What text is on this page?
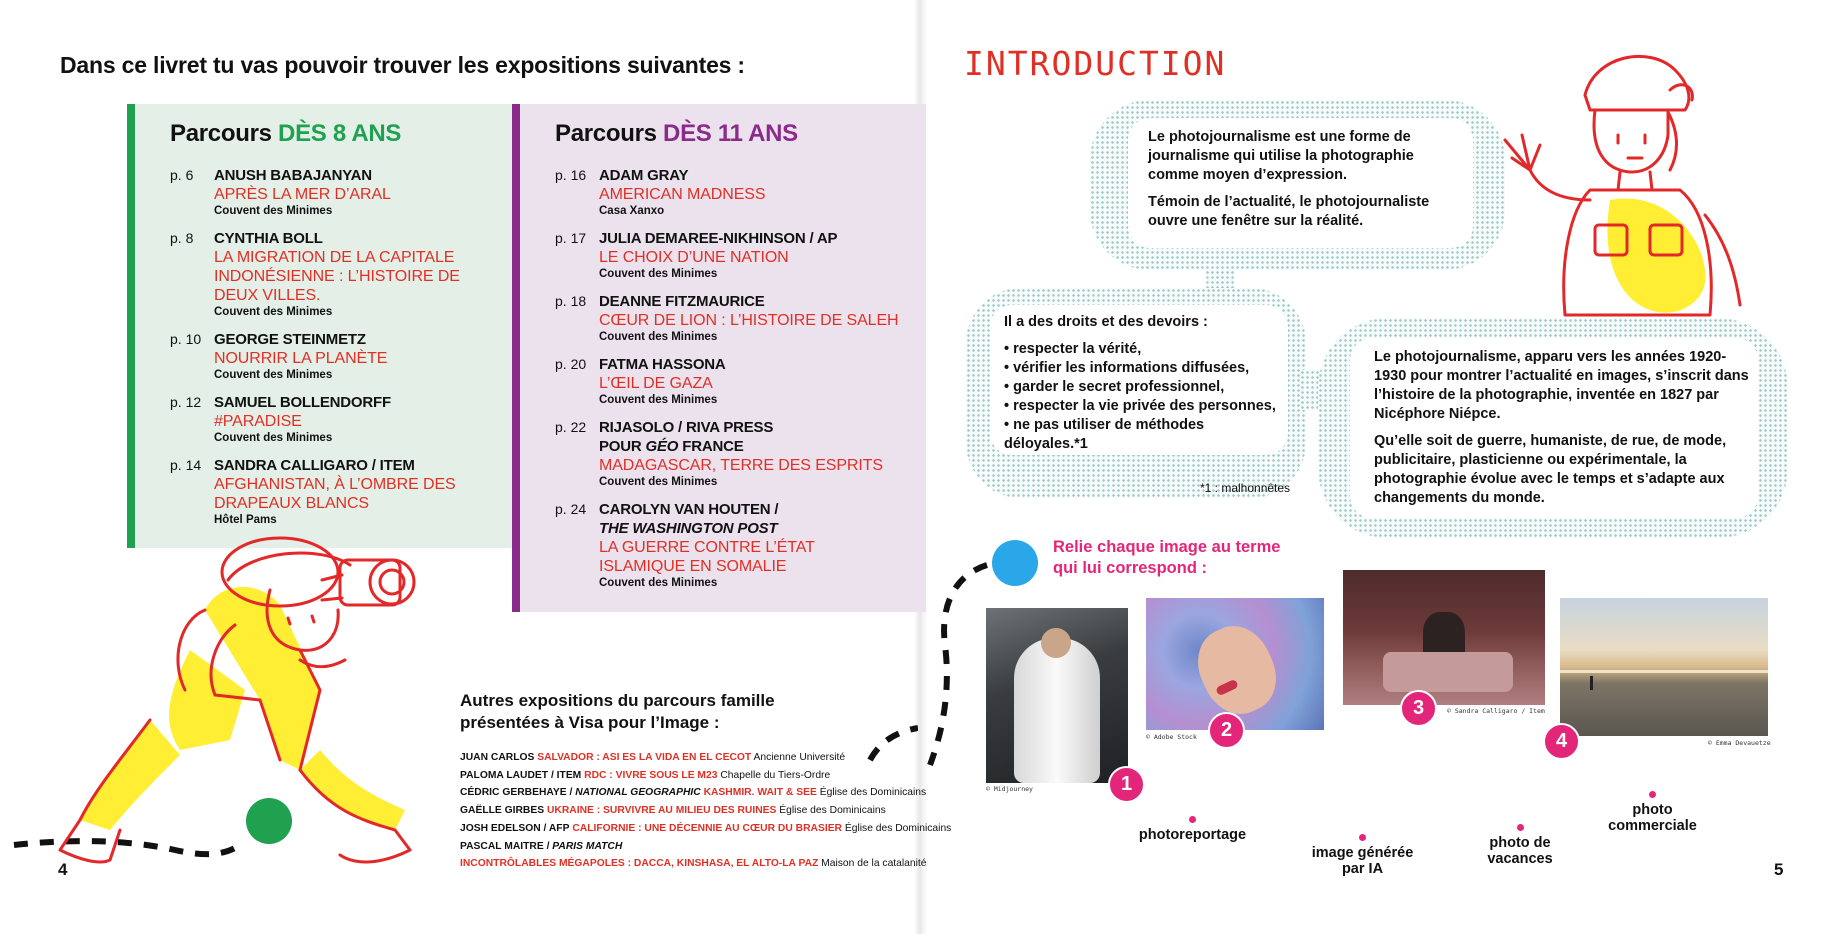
Dans ce livret tu vas pouvoir trouver les expositions suivantes :
Parcours DÈS 8 ANS
p. 6	ANUSH BABAJANYAN
APRÈS LA MER D’ARAL
Couvent des Minimes
p. 8	CYNTHIA BOLL
LA MIGRATION DE LA CAPITALE INDONÉSIENNE : L’HISTOIRE DE DEUX VILLES.
Couvent des Minimes
p. 10 GEORGE STEINMETZ
NOURRIR LA PLANÈTE
Couvent des Minimes
p. 12 SAMUEL BOLLENDORFF
#PARADISE
Couvent des Minimes
p. 14 SANDRA CALLIGARO / ITEM
AFGHANISTAN, À L’OMBRE DES DRAPEAUX BLANCS
Hôtel Pams
Parcours DÈS 11 ANS
p. 16 ADAM GRAY
AMERICAN MADNESS
Casa Xanxo
p. 17 JULIA DEMAREE-NIKHINSON / AP
LE CHOIX D’UNE NATION
Couvent des Minimes
p. 18 DEANNE FITZMAURICE
CŒUR DE LION : L’HISTOIRE DE SALEH
Couvent des Minimes
p. 20 FATMA HASSONA
L’ŒIL DE GAZA
Couvent des Minimes
p. 22 RIJASOLO / RIVA PRESS
POUR GÉO FRANCE
MADAGASCAR, TERRE DES ESPRITS
Couvent des Minimes
p. 24 CAROLYN VAN HOUTEN /
THE WASHINGTON POST
LA GUERRE CONTRE L’ÉTAT ISLAMIQUE EN SOMALIE
Couvent des Minimes
Autres expositions du parcours famille présentées à Visa pour l’Image :
JUAN CARLOS SALVADOR : ASI ES LA VIDA EN EL CECOT Ancienne Université
PALOMA LAUDET / ITEM RDC : VIVRE SOUS LE M23 Chapelle du Tiers-Ordre
CÉDRIC GERBEHAYE / NATIONAL GEOGRAPHIC KASHMIR. WAIT & SEE Église des Dominicains
GAËLLE GIRBES UKRAINE : SURVIVRE AU MILIEU DES RUINES Église des Dominicains
JOSH EDELSON / AFP CALIFORNIE : UNE DÉCENNIE AU CŒUR DU BRASIER Église des Dominicains
PASCAL MAITRE / PARIS MATCH
INCONTRÔLABLES MÉGAPOLES : DACCA, KINSHASA, EL ALTO-LA PAZ Maison de la catalanité
4
INTRODUCTION

Le photojournalisme est une forme de journalisme qui utilise la photographie comme moyen d’expression.

Témoin de l’actualité, le photojournaliste ouvre une fenêtre sur la réalité.

Il a des droits et des devoirs :

• respecter la vérité,
• vérifier les informations diffusées,
• garder le secret professionnel,
• respecter la vie privée des personnes,
• ne pas utiliser de méthodes déloyales.*1
*1 : malhonnêtes

Le photojournalisme, apparu vers les années 1920-1930 pour montrer l’actualité en images, s’inscrit dans l’histoire de la photographie, inventée en 1827 par Nicéphore Niépce.

Qu’elle soit de guerre, humaniste, de rue, de mode, publicitaire, plasticienne ou expérimentale, la photographie évolue avec le temps et s’adapte aux changements du monde.

Relie chaque image au terme qui lui correspond :
© Midjourney	1
© Adobe Stock	2
© Sandra Calligaro / Item
3
© Emma Devauetze
4
photoreportage
image générée par IA
photo de vacances
photo commerciale
5
